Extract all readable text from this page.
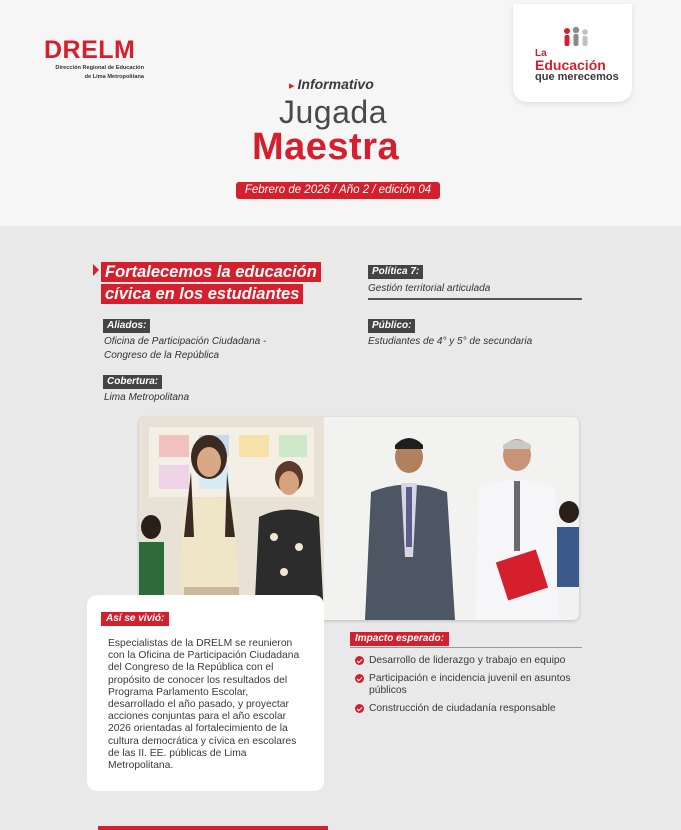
DRELM
Dirección Regional de Educación
de Lima Metropolitana
La
Educación
que merecemos
▸ Informativo
Jugada
Maestra
Febrero de 2026 / Año 2 / edición 04
Fortalecemos la educación
cívica en los estudiantes
Política 7:
Gestión territorial articulada
Aliados:
Oficina de Participación Ciudadana -
Congreso de la República
Público:
Estudiantes de 4° y 5° de secundaria
Cobertura:
Lima Metropolitana
Así se vivió:
Especialistas de la DRELM se reunieron
con la Oficina de Participación Ciudadana
del Congreso de la República con el
propósito de conocer los resultados del
Programa Parlamento Escolar,
desarrollado el año pasado, y proyectar
acciones conjuntas para el año escolar
2026 orientadas al fortalecimiento de la
cultura democrática y cívica en escolares
de las II. EE. públicas de Lima
Metropolitana.
Impacto esperado:
Desarrollo de liderazgo y trabajo en equipo
Participación e incidencia juvenil en asuntos públicos
Construcción de ciudadanía responsable
